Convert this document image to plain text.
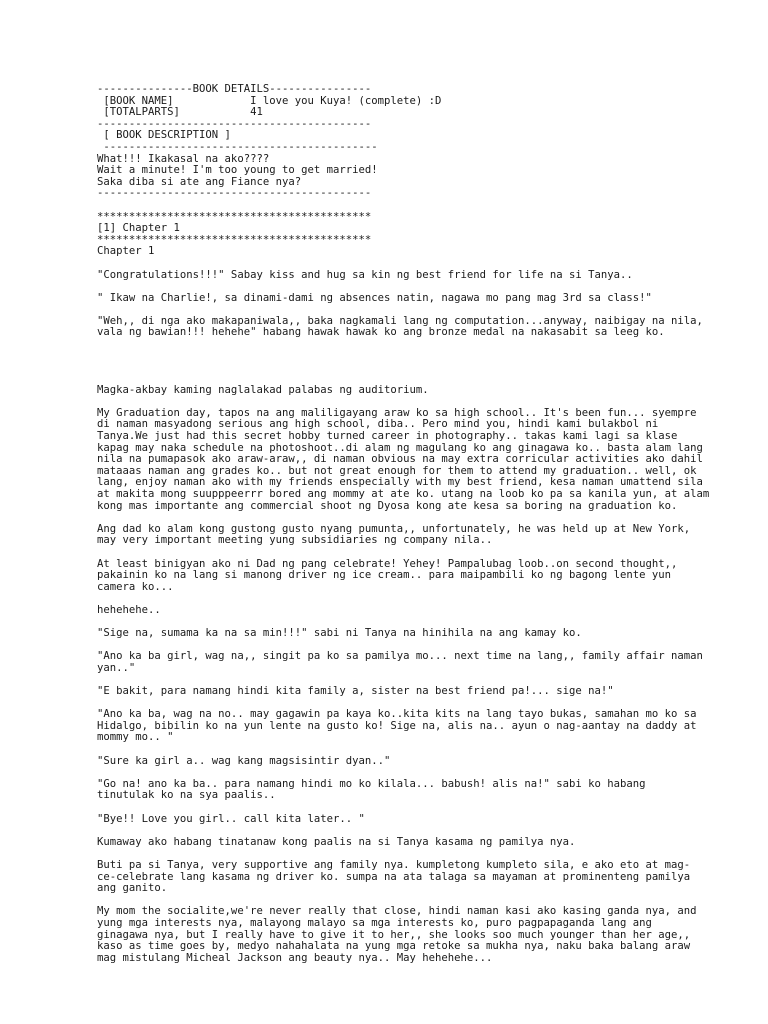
---------------BOOK DETAILS----------------
[BOOK NAME]            I love you Kuya! (complete) :D
[TOTALPARTS]           41
-------------------------------------------
[ BOOK DESCRIPTION ]
-------------------------------------------
What!!! Ikakasal na ako????
Wait a minute! I'm too young to get married!
Saka diba si ate ang Fiance nya?
-------------------------------------------
*******************************************
[1] Chapter 1
*******************************************
Chapter 1

"Congratulations!!!" Sabay kiss and hug sa kin ng best friend for life na si Tanya..

" Ikaw na Charlie!, sa dinami-dami ng absences natin, nagawa mo pang mag 3rd sa class!"

"Weh,, di nga ako makapaniwala,, baka nagkamali lang ng computation...anyway, naibigay na nila,
vala ng bawian!!! hehehe" habang hawak hawak ko ang bronze medal na nakasabit sa leeg ko.

Magka-akbay kaming naglalakad palabas ng auditorium.

My Graduation day, tapos na ang maliligayang araw ko sa high school.. It's been fun... syempre
di naman masyadong serious ang high school, diba.. Pero mind you, hindi kami bulakbol ni
Tanya.We just had this secret hobby turned career in photography.. takas kami lagi sa klase
kapag may naka schedule na photoshoot..di alam ng magulang ko ang ginagawa ko.. basta alam lang
nila na pumapasok ako araw-araw,, di naman obvious na may extra corricular activities ako dahil
mataaas naman ang grades ko.. but not great enough for them to attend my graduation.. well, ok
lang, enjoy naman ako with my friends enspecially with my best friend, kesa naman umattend sila
at makita mong suupppeerrr bored ang mommy at ate ko. utang na loob ko pa sa kanila yun, at alam
kong mas importante ang commercial shoot ng Dyosa kong ate kesa sa boring na graduation ko.

Ang dad ko alam kong gustong gusto nyang pumunta,, unfortunately, he was held up at New York,
may very important meeting yung subsidiaries ng company nila..

At least binigyan ako ni Dad ng pang celebrate! Yehey! Pampalubag loob..on second thought,,
pakainin ko na lang si manong driver ng ice cream.. para maipambili ko ng bagong lente yun
camera ko...

hehehehe..

"Sige na, sumama ka na sa min!!!" sabi ni Tanya na hinihila na ang kamay ko.

"Ano ka ba girl, wag na,, singit pa ko sa pamilya mo... next time na lang,, family affair naman
yan.."

"E bakit, para namang hindi kita family a, sister na best friend pa!... sige na!"

"Ano ka ba, wag na no.. may gagawin pa kaya ko..kita kits na lang tayo bukas, samahan mo ko sa
Hidalgo, bibilin ko na yun lente na gusto ko! Sige na, alis na.. ayun o nag-aantay na daddy at
mommy mo.. "

"Sure ka girl a.. wag kang magsisintir dyan.."

"Go na! ano ka ba.. para namang hindi mo ko kilala... babush! alis na!" sabi ko habang
tinutulak ko na sya paalis..

"Bye!! Love you girl.. call kita later.. "

Kumaway ako habang tinatanaw kong paalis na si Tanya kasama ng pamilya nya.

Buti pa si Tanya, very supportive ang family nya. kumpletong kumpleto sila, e ako eto at mag-
ce-celebrate lang kasama ng driver ko. sumpa na ata talaga sa mayaman at prominenteng pamilya
ang ganito.

My mom the socialite,we're never really that close, hindi naman kasi ako kasing ganda nya, and
yung mga interests nya, malayong malayo sa mga interests ko, puro pagpapaganda lang ang
ginagawa nya, but I really have to give it to her,, she looks soo much younger than her age,,
kaso as time goes by, medyo nahahalata na yung mga retoke sa mukha nya, naku baka balang araw
mag mistulang Micheal Jackson ang beauty nya.. May hehehehe...
